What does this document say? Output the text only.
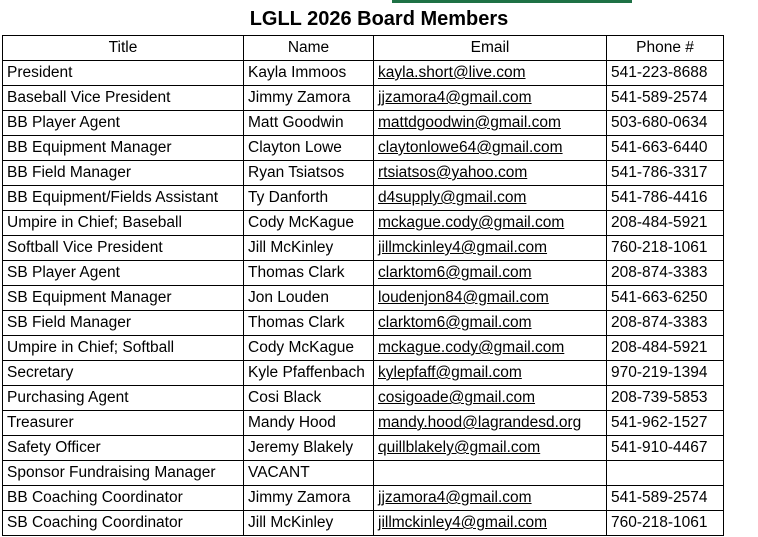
LGLL 2026 Board Members
Title	Name	Email	Phone #
President	Kayla Immoos	kayla.short@live.com	541-223-8688
Baseball Vice President	Jimmy Zamora	jjzamora4@gmail.com	541-589-2574
BB Player Agent	Matt Goodwin	mattdgoodwin@gmail.com	503-680-0634
BB Equipment Manager	Clayton Lowe	claytonlowe64@gmail.com	541-663-6440
BB Field Manager	Ryan Tsiatsos	rtsiatsos@yahoo.com	541-786-3317
BB Equipment/Fields Assistant	Ty Danforth	d4supply@gmail.com	541-786-4416
Umpire in Chief; Baseball	Cody McKague	mckague.cody@gmail.com	208-484-5921
Softball Vice President	Jill McKinley	jillmckinley4@gmail.com	760-218-1061
SB Player Agent	Thomas Clark	clarktom6@gmail.com	208-874-3383
SB Equipment Manager	Jon Louden	loudenjon84@gmail.com	541-663-6250
SB Field Manager	Thomas Clark	clarktom6@gmail.com	208-874-3383
Umpire in Chief; Softball	Cody McKague	mckague.cody@gmail.com	208-484-5921
Secretary	Kyle Pfaffenbach	kylepfaff@gmail.com	970-219-1394
Purchasing Agent	Cosi Black	cosigoade@gmail.com	208-739-5853
Treasurer	Mandy Hood	mandy.hood@lagrandesd.org	541-962-1527
Safety Officer	Jeremy Blakely	quillblakely@gmail.com	541-910-4467
Sponsor Fundraising Manager	VACANT		
BB Coaching Coordinator	Jimmy Zamora	jjzamora4@gmail.com	541-589-2574
SB Coaching Coordinator	Jill McKinley	jillmckinley4@gmail.com	760-218-1061
